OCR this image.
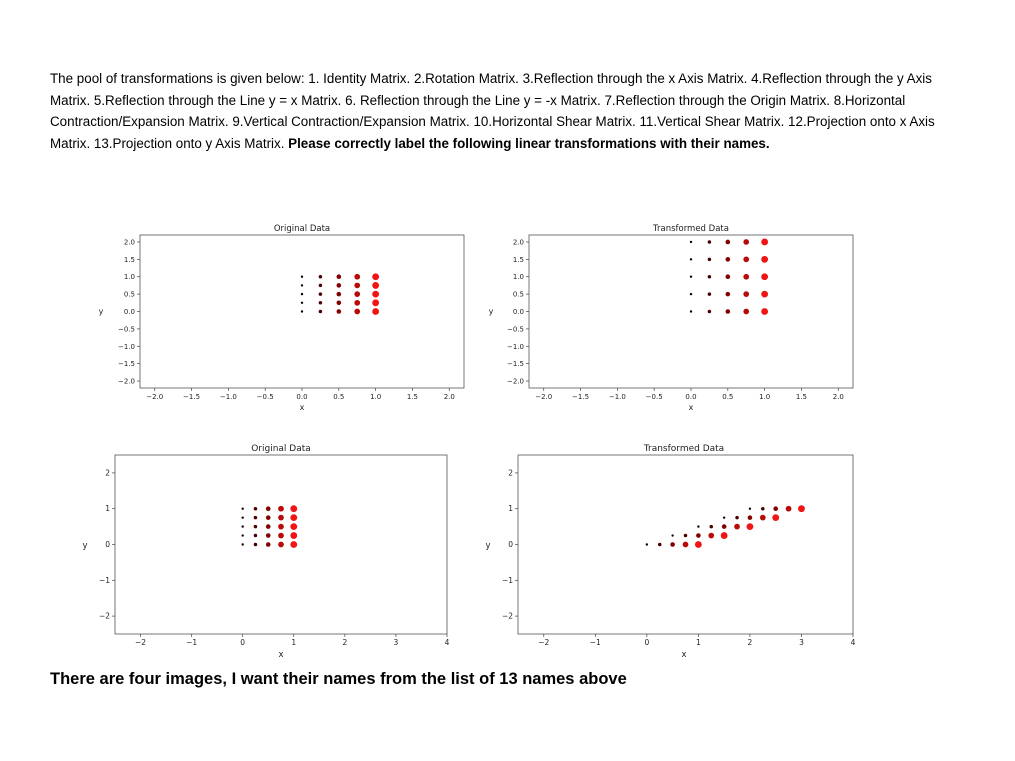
The pool of transformations is given below: 1. Identity Matrix. 2.Rotation Matrix. 3.Reflection through the x Axis Matrix. 4.Reflection through the y Axis Matrix. 5.Reflection through the Line y = x Matrix. 6. Reflection through the Line y = -x Matrix. 7.Reflection through the Origin Matrix. 8.Horizontal Contraction/Expansion Matrix. 9.Vertical Contraction/Expansion Matrix. 10.Horizontal Shear Matrix. 11.Vertical Shear Matrix. 12.Projection onto x Axis Matrix. 13.Projection onto y Axis Matrix. Please correctly label the following linear transformations with their names.
Original Data
−2.0	−1.5	−1.0	−0.5	0.0	0.5	1.0	1.5	2.0
−2.0
−1.5
−1.0
−0.5
0.0
0.5
1.0
1.5
2.0
x
y
Transformed Data
−2.0	−1.5	−1.0	−0.5	0.0	0.5	1.0	1.5	2.0
−2.0
−1.5
−1.0
−0.5
0.0
0.5
1.0
1.5
2.0
x
y
Original Data
−2	−1	0	1	2	3	4
−2
−1
0
1
2
x
y
Transformed Data
−2	−1	0	1	2	3	4
−2
−1
0
1
2
x
y
There are four images, I want their names from the list of 13 names above
